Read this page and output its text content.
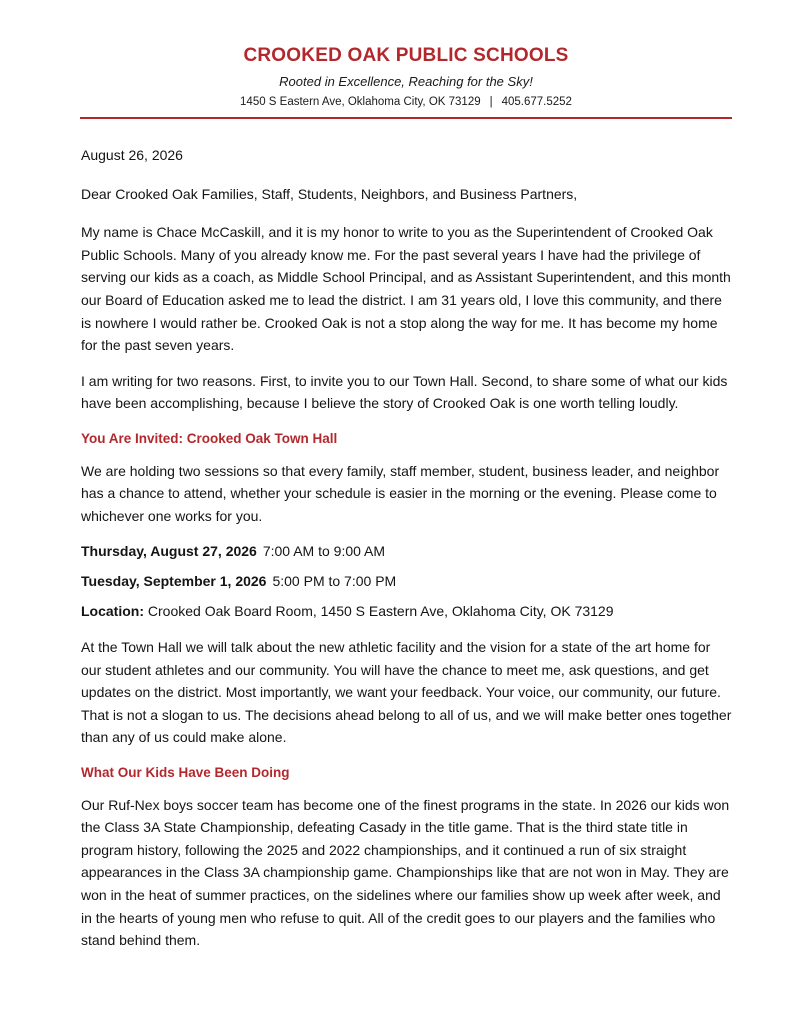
CROOKED OAK PUBLIC SCHOOLS
Rooted in Excellence, Reaching for the Sky!
1450 S Eastern Ave, Oklahoma City, OK 73129 | 405.677.5252

August 26, 2026

Dear Crooked Oak Families, Staff, Students, Neighbors, and Business Partners,

My name is Chace McCaskill, and it is my honor to write to you as the Superintendent of Crooked Oak Public Schools. Many of you already know me. For the past several years I have had the privilege of serving our kids as a coach, as Middle School Principal, and as Assistant Superintendent, and this month our Board of Education asked me to lead the district. I am 31 years old, I love this community, and there is nowhere I would rather be. Crooked Oak is not a stop along the way for me. It has become my home for the past seven years.

I am writing for two reasons. First, to invite you to our Town Hall. Second, to share some of what our kids have been accomplishing, because I believe the story of Crooked Oak is one worth telling loudly.

You Are Invited: Crooked Oak Town Hall

We are holding two sessions so that every family, staff member, student, business leader, and neighbor has a chance to attend, whether your schedule is easier in the morning or the evening. Please come to whichever one works for you.

Thursday, August 27, 2026 7:00 AM to 9:00 AM

Tuesday, September 1, 2026 5:00 PM to 7:00 PM

Location: Crooked Oak Board Room, 1450 S Eastern Ave, Oklahoma City, OK 73129

At the Town Hall we will talk about the new athletic facility and the vision for a state of the art home for our student athletes and our community. You will have the chance to meet me, ask questions, and get updates on the district. Most importantly, we want your feedback. Your voice, our community, our future. That is not a slogan to us. The decisions ahead belong to all of us, and we will make better ones together than any of us could make alone.

What Our Kids Have Been Doing

Our Ruf-Nex boys soccer team has become one of the finest programs in the state. In 2026 our kids won the Class 3A State Championship, defeating Casady in the title game. That is the third state title in program history, following the 2025 and 2022 championships, and it continued a run of six straight appearances in the Class 3A championship game. Championships like that are not won in May. They are won in the heat of summer practices, on the sidelines where our families show up week after week, and in the hearts of young men who refuse to quit. All of the credit goes to our players and the families who stand behind them.
